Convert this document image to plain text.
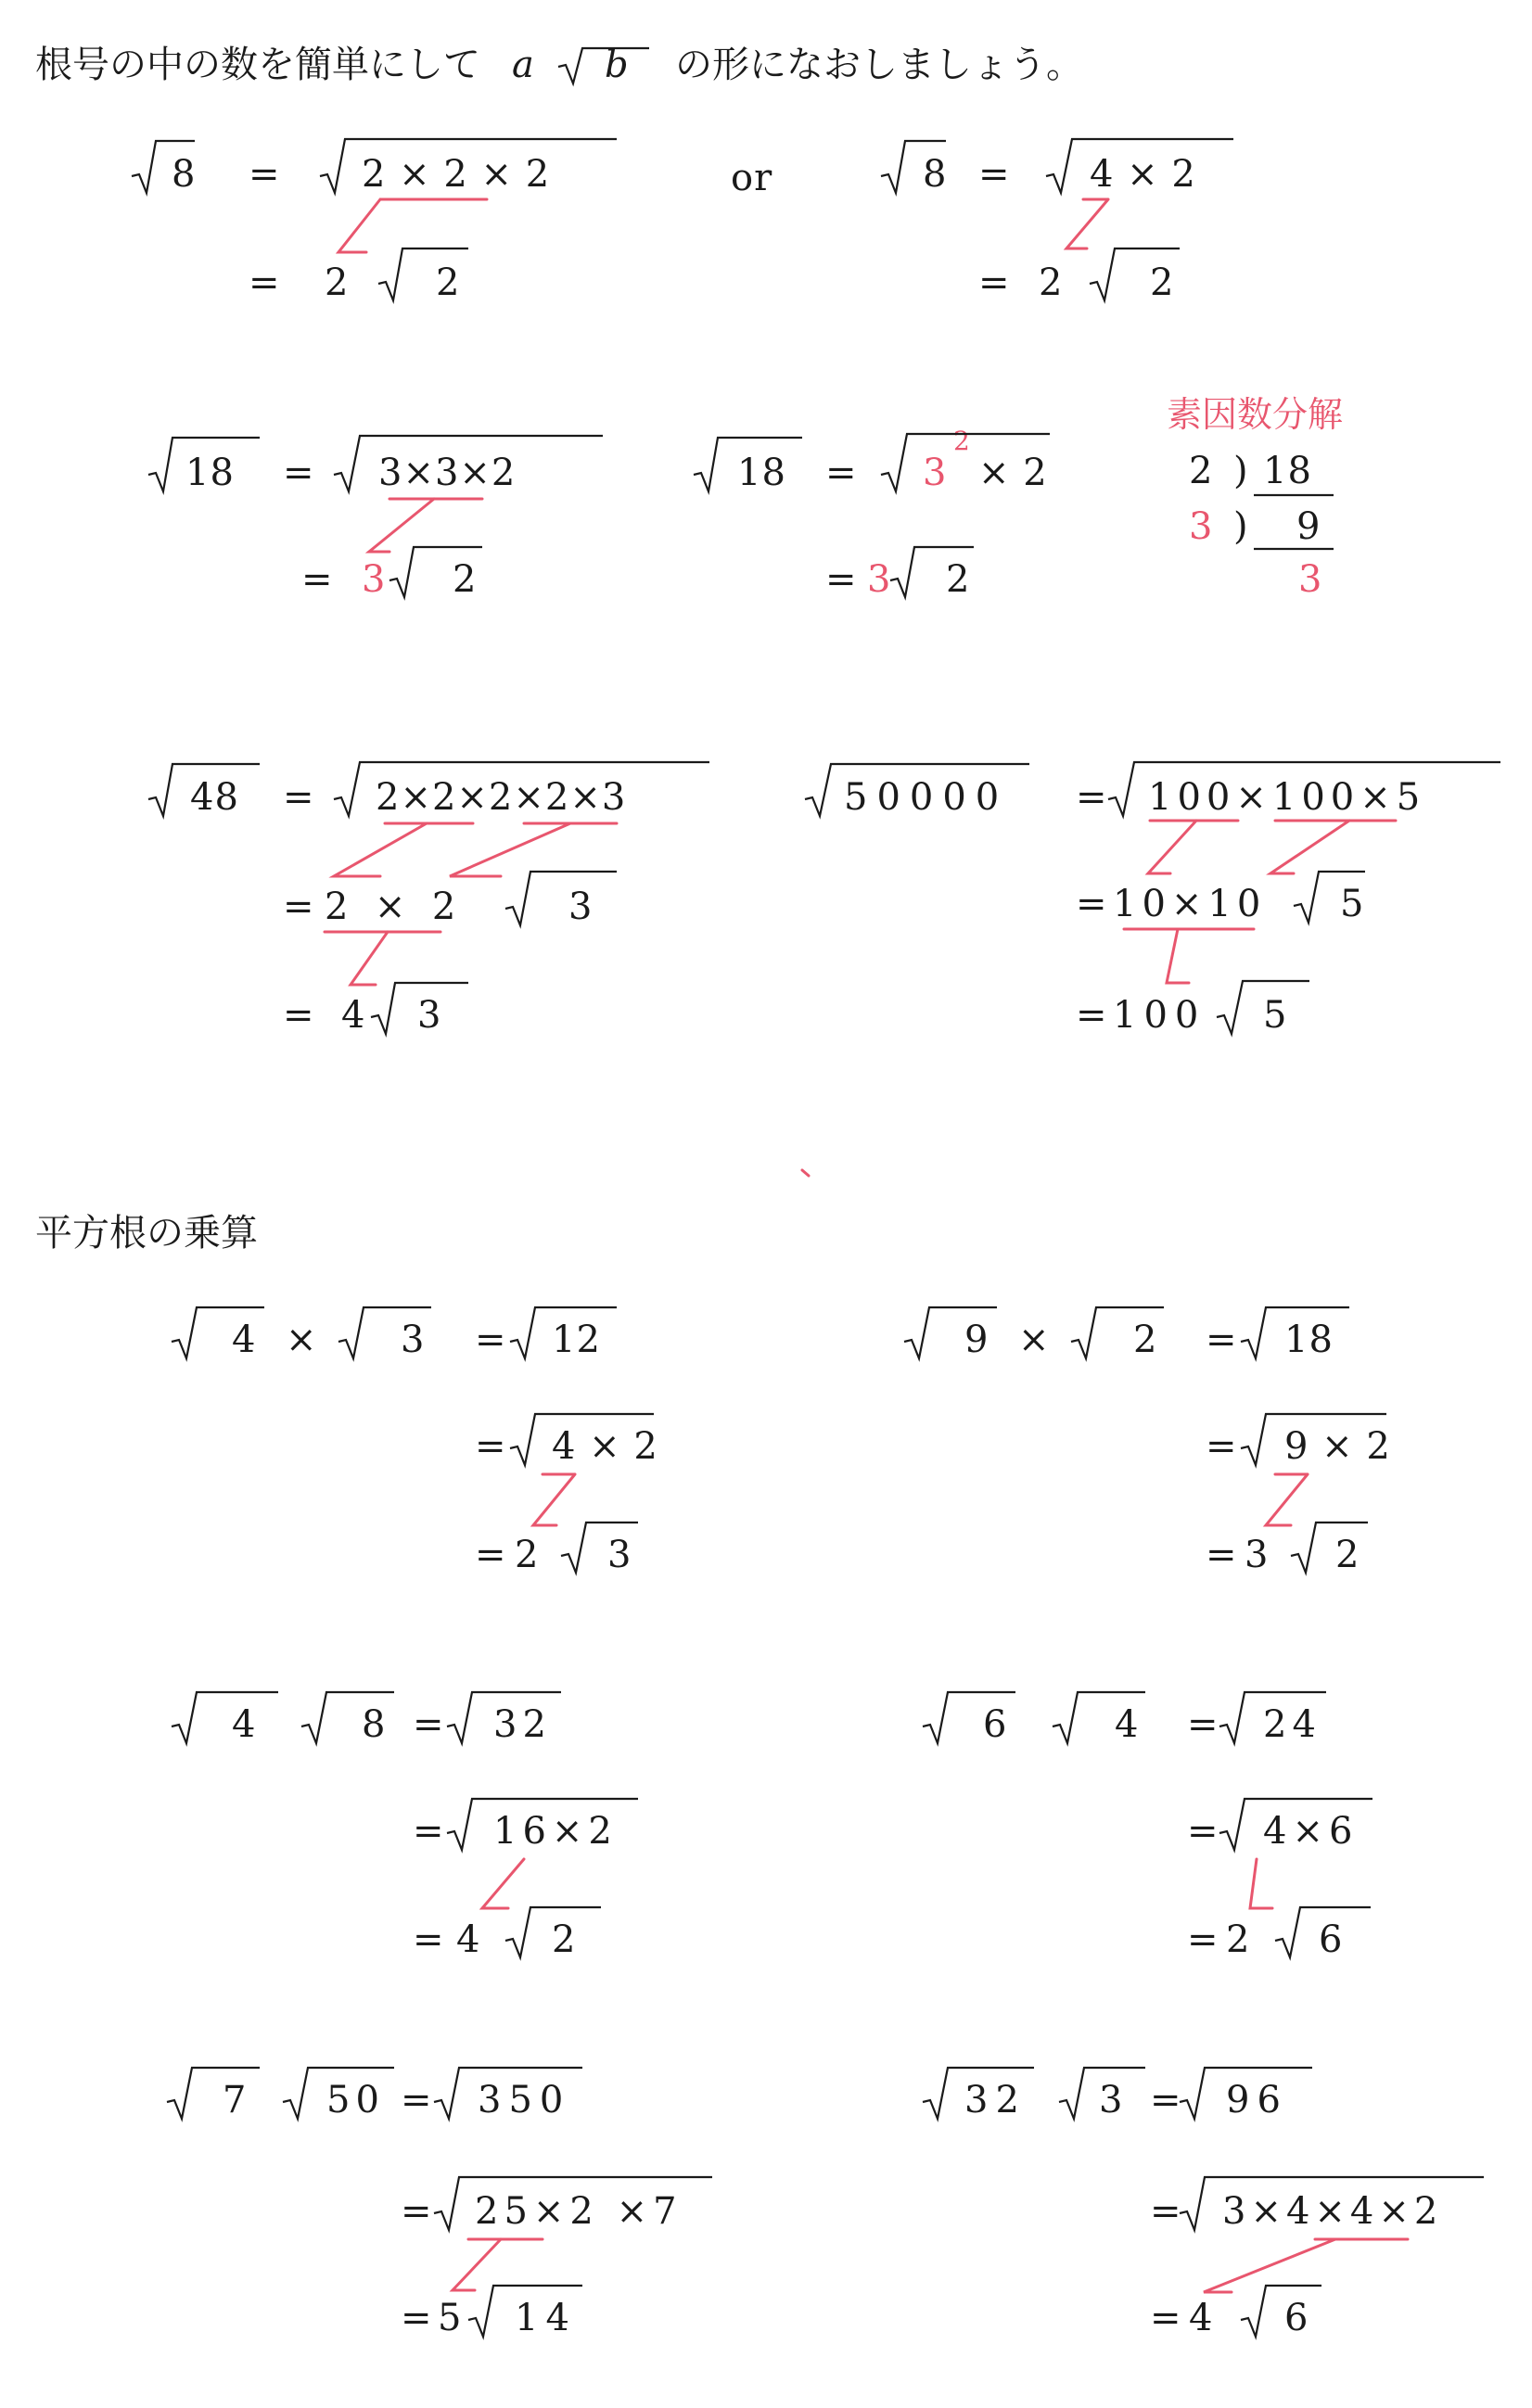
根号の中の数を簡単にして a b の形になおしましょう。
8 = 2 × 2 × 2
= 2 2
or	8 = 4 × 2
= 2 2
18 = 3×3×2
= 3 2
18 = 3
2
× 2
= 3 2
素因数分解
2 ) 18
3 ) 9
3
48 = 2×2×2×2×3
= 2  ×  2	3
= 4 3
50000 = 100×100×5
= 10×10 5
= 100 5
平方根の乗算
4 × 3 = 12
= 4 × 2
= 2 3
9 × 2 = 18
= 9 × 2
= 3 2
4	8 = 32
= 16×2
= 4 2
6	4 = 24
= 4×6
= 2 6
7 50 = 350
= 25×2 ×7
= 5 14
32 3 = 96
= 3×4×4×2
= 4 6
